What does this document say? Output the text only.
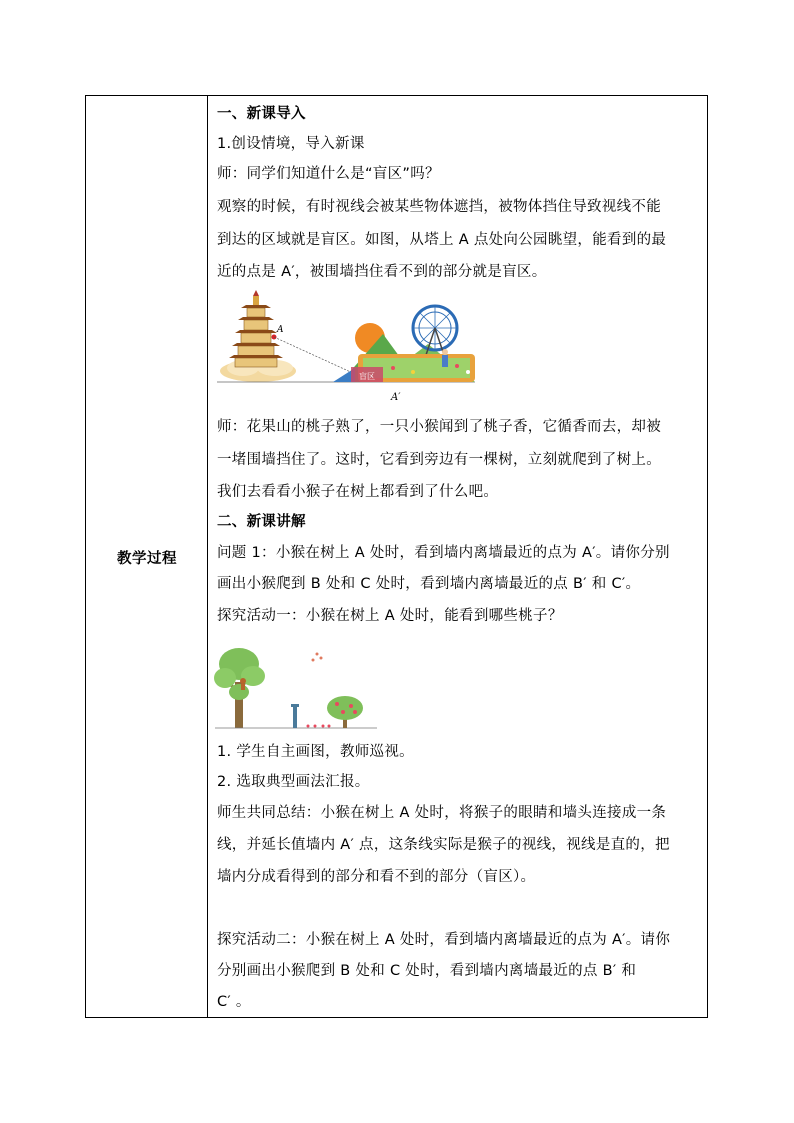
教学过程
一、新课导入
1.创设情境，导入新课
师：同学们知道什么是“盲区”吗？
观察的时候，有时视线会被某些物体遮挡，被物体挡住导致视线不能
到达的区域就是盲区。如图，从塔上 A 点处向公园眺望，能看到的最
近的点是 A′，被围墙挡住看不到的部分就是盲区。
A
盲区
A′
师：花果山的桃子熟了，一只小猴闻到了桃子香，它循香而去，却被
一堵围墙挡住了。这时，它看到旁边有一棵树，立刻就爬到了树上。
我们去看看小猴子在树上都看到了什么吧。
二、新课讲解
问题 1：小猴在树上 A 处时，看到墙内离墙最近的点为 A′。请你分别
画出小猴爬到 B 处和 C 处时，看到墙内离墙最近的点 B′ 和 C′。
探究活动一：小猴在树上 A 处时，能看到哪些桃子？
1. 学生自主画图，教师巡视。
2. 选取典型画法汇报。
师生共同总结：小猴在树上 A 处时，将猴子的眼睛和墙头连接成一条
线，并延长值墙内 A′ 点，这条线实际是猴子的视线，视线是直的，把
墙内分成看得到的部分和看不到的部分（盲区）。
探究活动二：小猴在树上 A 处时，看到墙内离墙最近的点为 A′。请你
分别画出小猴爬到 B 处和 C 处时，看到墙内离墙最近的点 B′ 和
C′ 。
